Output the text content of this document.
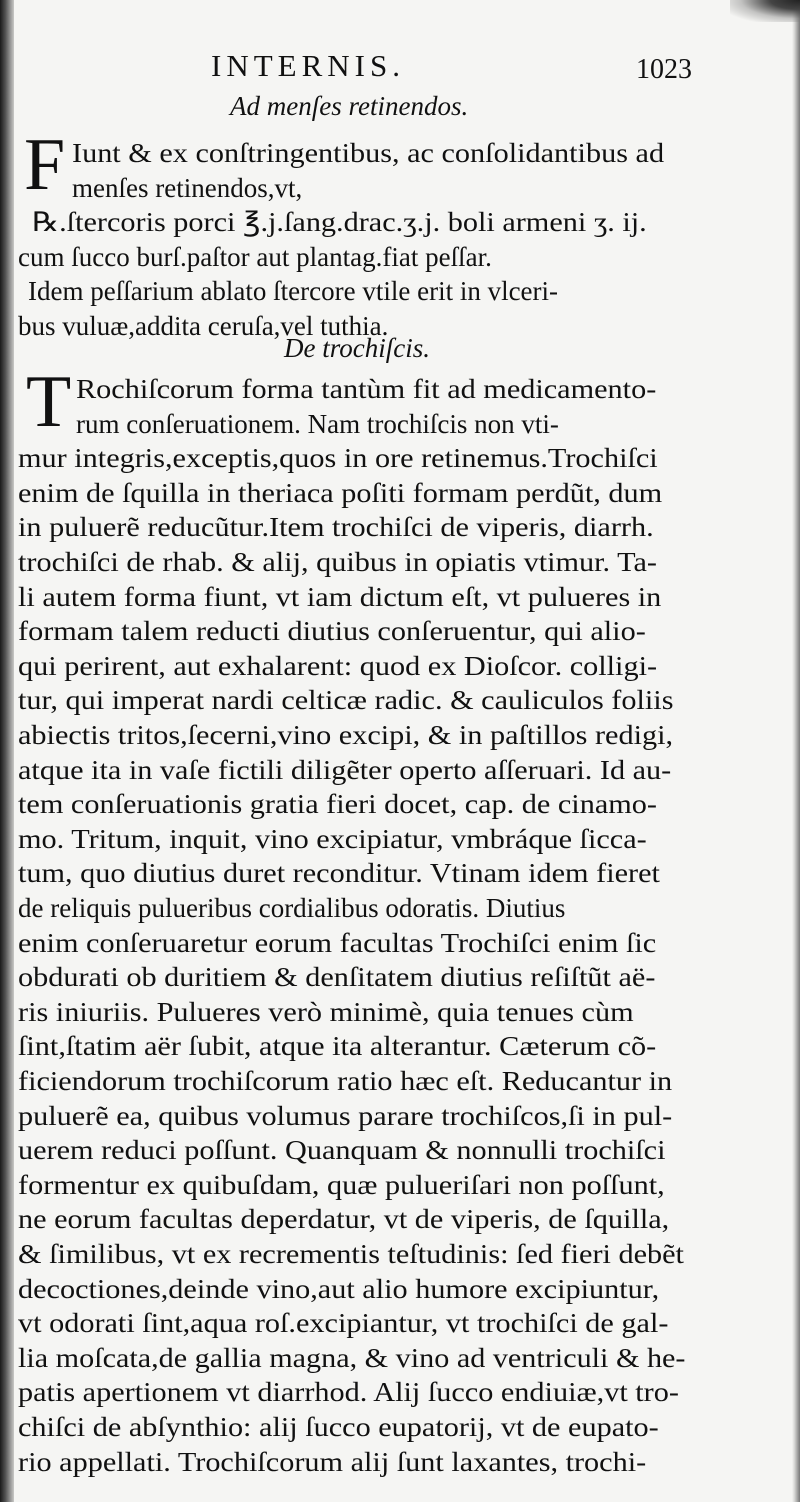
INTERNIS.	1023
Ad menſes retinendos.
F Iunt & ex conſtringentibus, ac conſolidantibus ad
menſes retinendos,vt,
℞.ſtercoris porci ℥.j.ſang.drac.ʒ.j. boli armeni ʒ. ij.
cum ſucco burſ.paſtor aut plantag.fiat peſſar.
Idem peſſarium ablato ſtercore vtile erit in vlceri-
bus vuluæ,addita ceruſa,vel tuthia.
De trochiſcis.
T Rochiſcorum forma tantùm fit ad medicamento-
rum conſeruationem. Nam trochiſcis non vti-
mur integris,exceptis,quos in ore retinemus.Trochiſci
enim de ſquilla in theriaca poſiti formam perdũt, dum
in puluerẽ reducũtur.Item trochiſci de viperis, diarrh.
trochiſci de rhab. & alij, quibus in opiatis vtimur. Ta-
li autem forma fiunt, vt iam dictum eſt, vt pulueres in
formam talem reducti diutius conſeruentur, qui alio-
qui perirent, aut exhalarent: quod ex Dioſcor. colligi-
tur, qui imperat nardi celticæ radic. & cauliculos foliis
abiectis tritos,ſecerni,vino excipi, & in paſtillos redigi,
atque ita in vaſe fictili diligẽter operto aſſeruari. Id au-
tem conſeruationis gratia fieri docet, cap. de cinamo-
mo. Tritum, inquit, vino excipiatur, vmbráque ſicca-
tum, quo diutius duret reconditur. Vtinam idem fieret
de reliquis pulueribus cordialibus odoratis. Diutius
enim conſeruaretur eorum facultas Trochiſci enim ſic
obdurati ob duritiem & denſitatem diutius reſiſtũt aë-
ris iniuriis. Pulueres verò minimè, quia tenues cùm
ſint,ſtatim aër ſubit, atque ita alterantur. Cæterum cõ-
ficiendorum trochiſcorum ratio hæc eſt. Reducantur in
puluerẽ ea, quibus volumus parare trochiſcos,ſi in pul-
uerem reduci poſſunt. Quanquam & nonnulli trochiſci
formentur ex quibuſdam, quæ pulueriſari non poſſunt,
ne eorum facultas deperdatur, vt de viperis, de ſquilla,
& ſimilibus, vt ex recrementis teſtudinis: ſed fieri debẽt
decoctiones,deinde vino,aut alio humore excipiuntur,
vt odorati ſint,aqua roſ.excipiantur, vt trochiſci de gal-
lia moſcata,de gallia magna, & vino ad ventriculi & he-
patis apertionem vt diarrhod. Alij ſucco endiuiæ,vt tro-
chiſci de abſynthio: alij ſucco eupatorij, vt de eupato-
rio appellati. Trochiſcorum alij ſunt laxantes, trochi-
